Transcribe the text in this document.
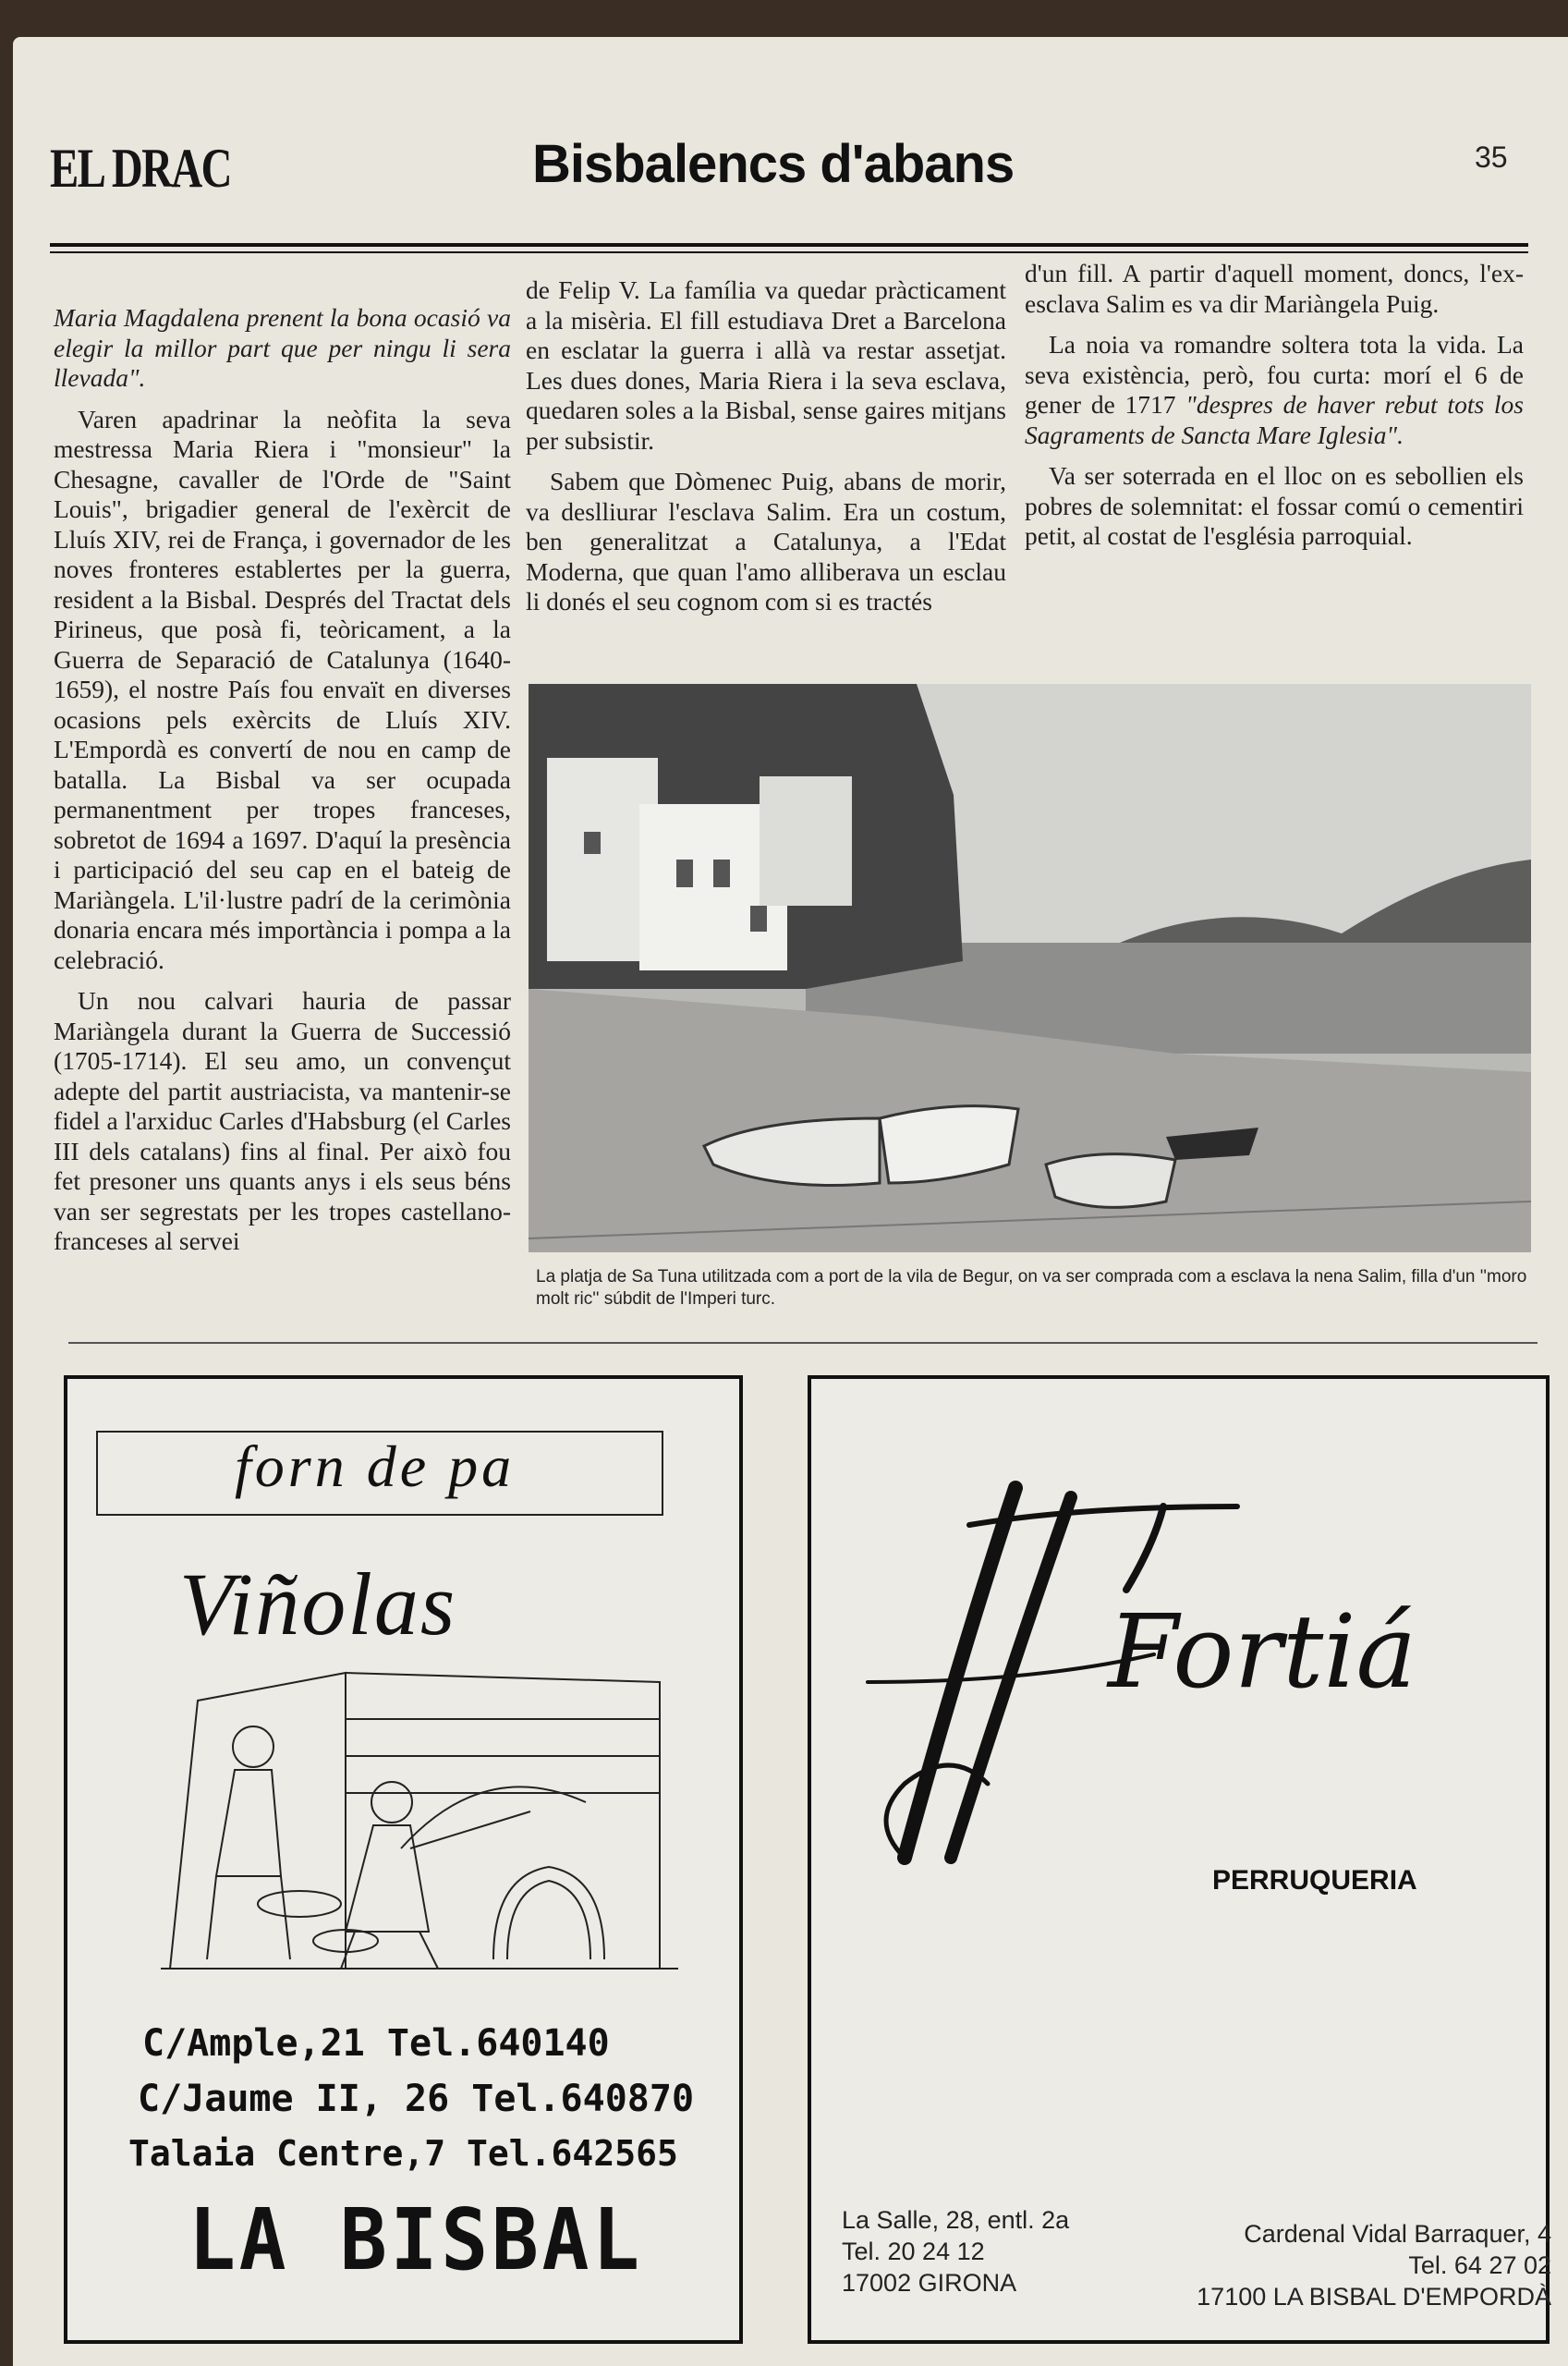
EL DRAC	Bisbalencs d'abans	35

Maria Magdalena prenent la bona ocasió va elegir la millor part que per ningu li sera llevada".

Varen apadrinar la neòfita la seva mestressa Maria Riera i "monsieur" la Chesagne, cavaller de l'Orde de "Saint Louis", brigadier general de l'exèrcit de Lluís XIV, rei de França, i governador de les noves fronteres establertes per la guerra, resident a la Bisbal. Després del Tractat dels Pirineus, que posà fi, teòricament, a la Guerra de Separació de Catalunya (1640-1659), el nostre País fou envaït en diverses ocasions pels exèrcits de Lluís XIV. L'Empordà es convertí de nou en camp de batalla. La Bisbal va ser ocupada permanentment per tropes franceses, sobretot de 1694 a 1697. D'aquí la presència i participació del seu cap en el bateig de Mariàngela. L'il·lustre padrí de la cerimònia donaria encara més importància i pompa a la celebració.

Un nou calvari hauria de passar Mariàngela durant la Guerra de Successió (1705-1714). El seu amo, un convençut adepte del partit austriacista, va mantenir-se fidel a l'arxiduc Carles d'Habsburg (el Carles III dels catalans) fins al final. Per això fou fet presoner uns quants anys i els seus béns van ser segrestats per les tropes castellano-franceses al servei

de Felip V. La família va quedar pràcticament a la misèria. El fill estudiava Dret a Barcelona en esclatar la guerra i allà va restar assetjat. Les dues dones, Maria Riera i la seva esclava, quedaren soles a la Bisbal, sense gaires mitjans per subsistir.

Sabem que Dòmenec Puig, abans de morir, va deslliurar l'esclava Salim. Era un costum, ben generalitzat a Catalunya, a l'Edat Moderna, que quan l'amo alliberava un esclau li donés el seu cognom com si es tractés

d'un fill. A partir d'aquell moment, doncs, l'ex-esclava Salim es va dir Mariàngela Puig.

La noia va romandre soltera tota la vida. La seva existència, però, fou curta: morí el 6 de gener de 1717 "despres de haver rebut tots los Sagraments de Sancta Mare Iglesia".

Va ser soterrada en el lloc on es sebollien els pobres de solemnitat: el fossar comú o cementiri petit, al costat de l'església parroquial.

La platja de Sa Tuna utilitzada com a port de la vila de Begur, on va ser comprada com a esclava la nena Salim, filla d'un ''moro molt ric'' súbdit de l'Imperi turc.
forn de pa
Viñolas
C/Ample,21 Tel.640140
C/Jaume II, 26 Tel.640870
Talaia Centre,7 Tel.642565
LA BISBAL
Fortiá
PERRUQUERIA
La Salle, 28, entl. 2a
Tel. 20 24 12
17002 GIRONA
Cardenal Vidal Barraquer, 4
Tel. 64 27 02
17100 LA BISBAL D'EMPORDÀ
